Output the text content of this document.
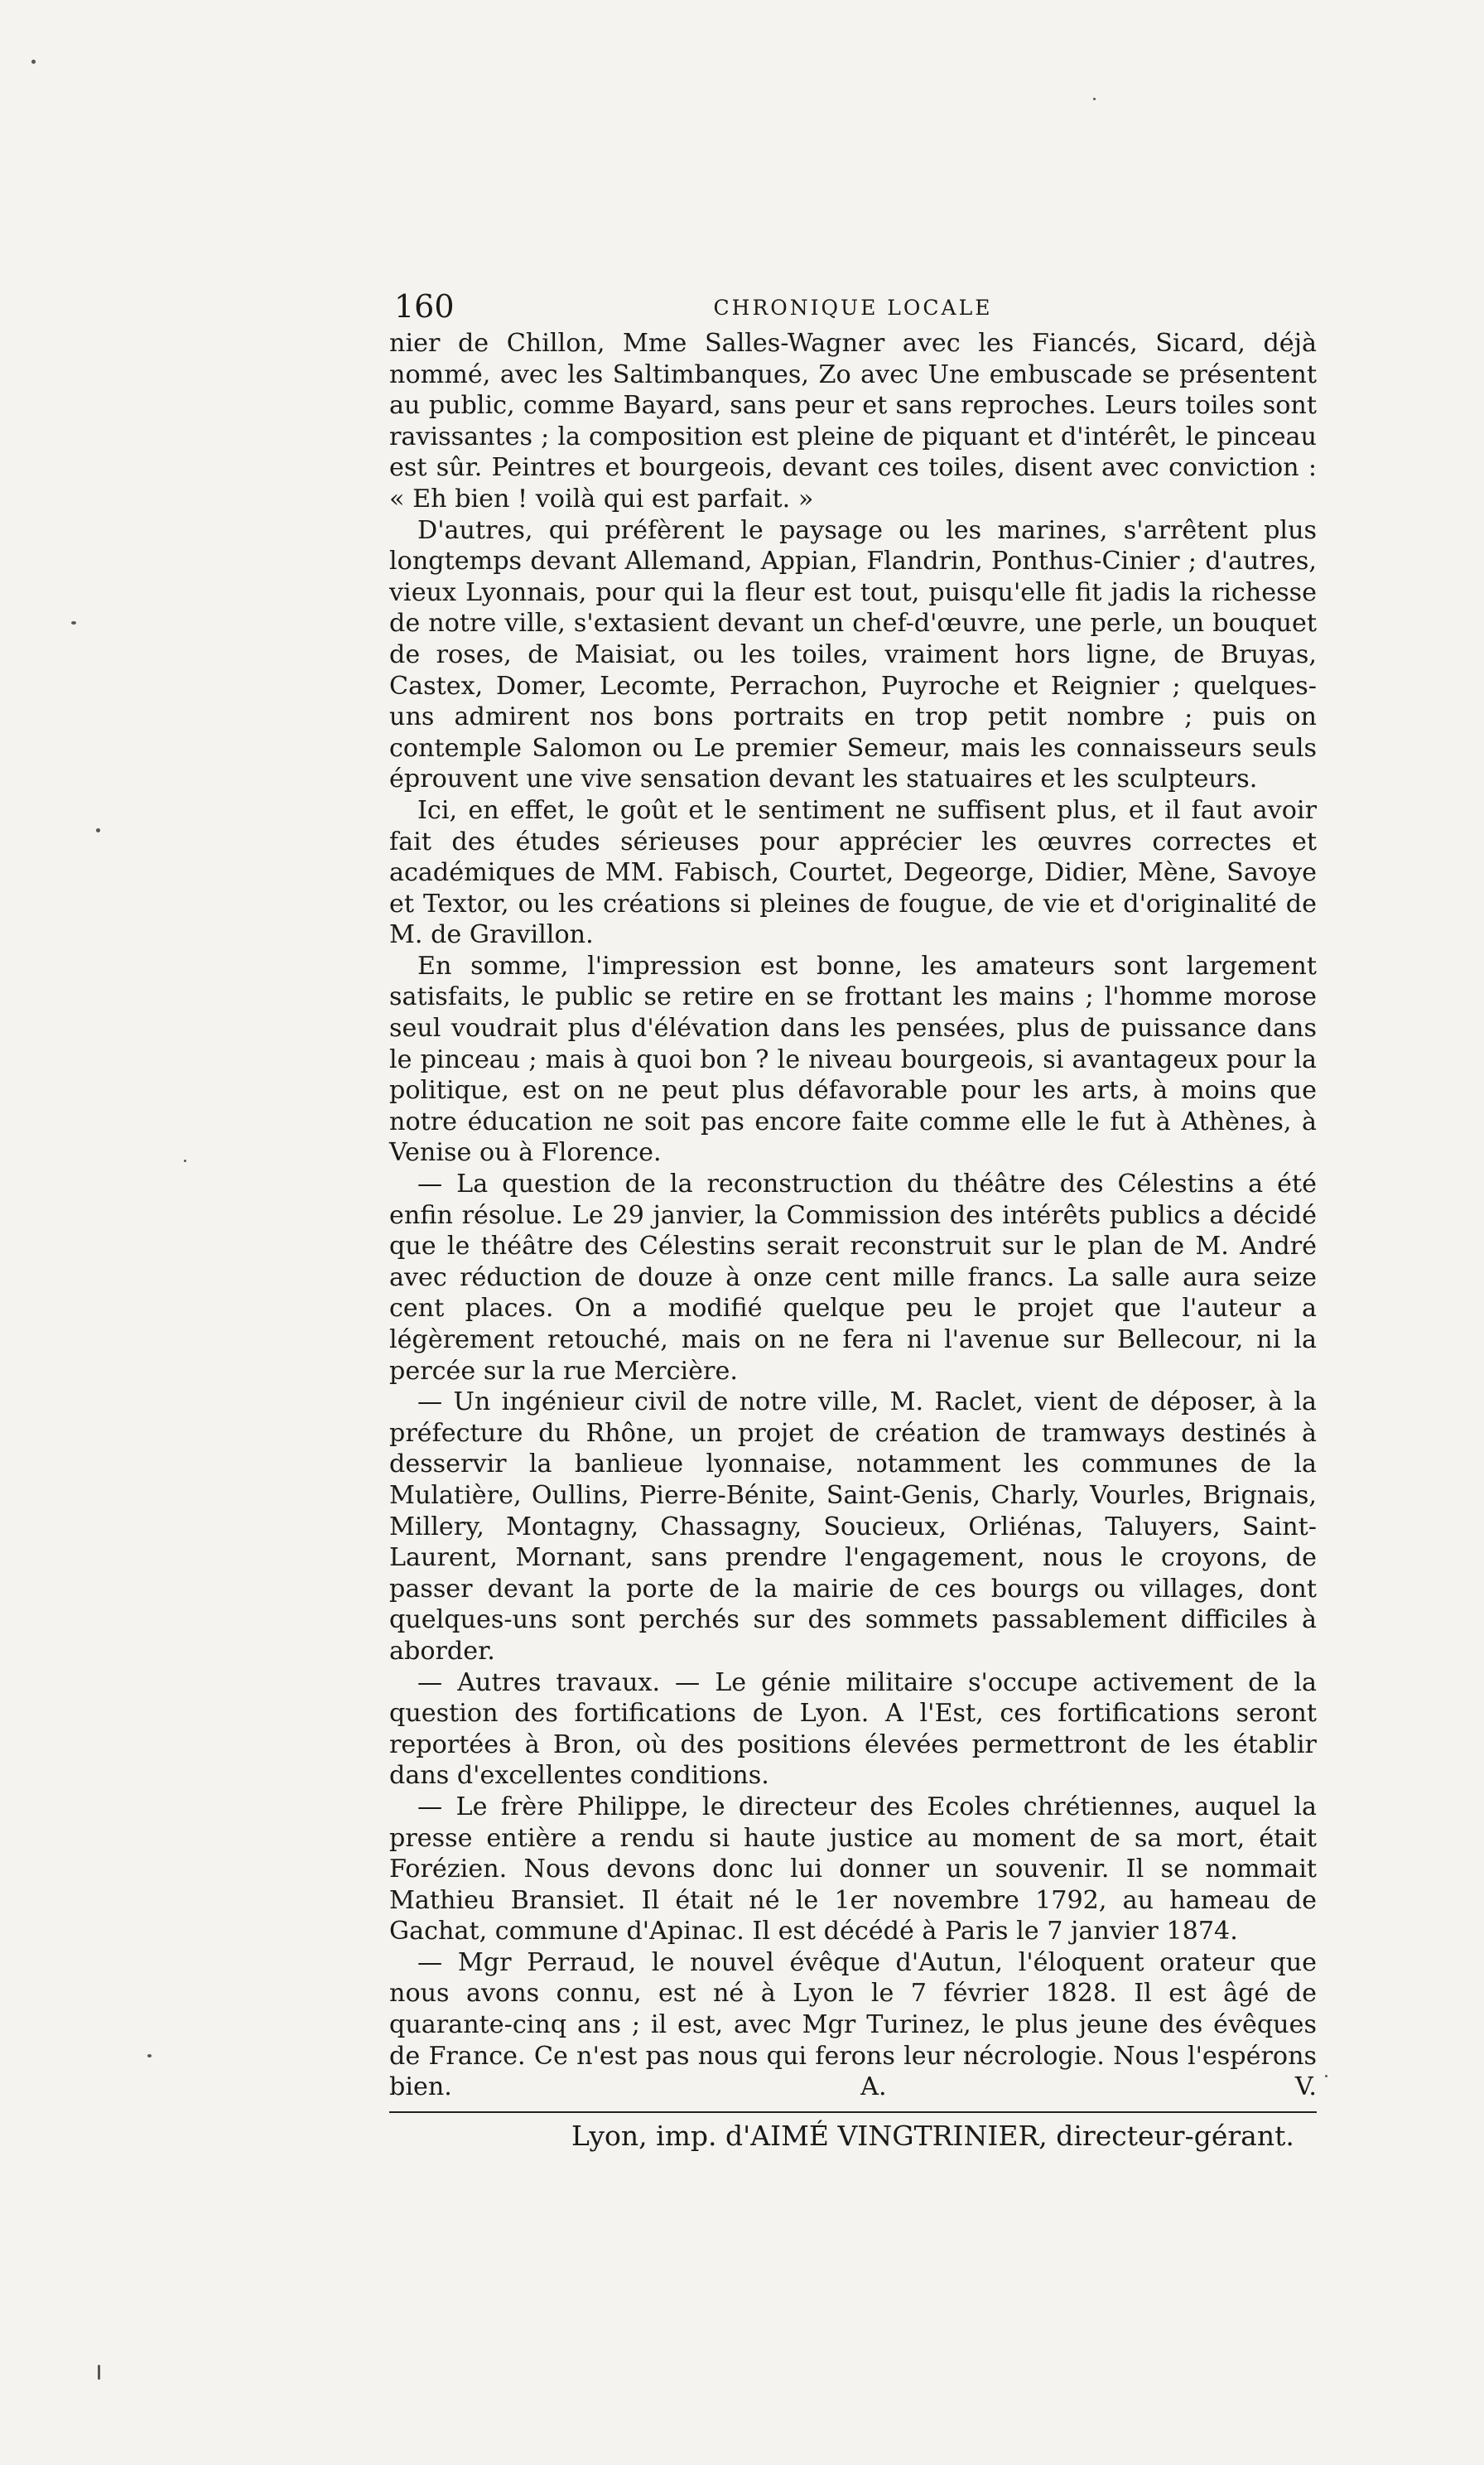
160	CHRONIQUE LOCALE

nier de Chillon, Mme Salles-Wagner avec les Fiancés, Sicard, déjà nommé, avec les Saltimbanques, Zo avec Une embuscade se présentent au public, comme Bayard, sans peur et sans reproches. Leurs toiles sont ravissantes ; la composition est pleine de piquant et d'intérêt, le pinceau est sûr. Peintres et bourgeois, devant ces toiles, disent avec conviction : « Eh bien ! voilà qui est parfait. »

D'autres, qui préfèrent le paysage ou les marines, s'arrêtent plus longtemps devant Allemand, Appian, Flandrin, Ponthus-Cinier ; d'autres, vieux Lyonnais, pour qui la fleur est tout, puisqu'elle fit jadis la richesse de notre ville, s'extasient devant un chef-d'œuvre, une perle, un bouquet de roses, de Maisiat, ou les toiles, vraiment hors ligne, de Bruyas, Castex, Domer, Lecomte, Perrachon, Puyroche et Reignier ; quelques-uns admirent nos bons portraits en trop petit nombre ; puis on contemple Salomon ou Le premier Semeur, mais les connaisseurs seuls éprouvent une vive sensation devant les statuaires et les sculpteurs.

Ici, en effet, le goût et le sentiment ne suffisent plus, et il faut avoir fait des études sérieuses pour apprécier les œuvres correctes et académiques de MM. Fabisch, Courtet, Degeorge, Didier, Mène, Savoye et Textor, ou les créations si pleines de fougue, de vie et d'originalité de M. de Gravillon.

En somme, l'impression est bonne, les amateurs sont largement satisfaits, le public se retire en se frottant les mains ; l'homme morose seul voudrait plus d'élévation dans les pensées, plus de puissance dans le pinceau ; mais à quoi bon ? le niveau bourgeois, si avantageux pour la politique, est on ne peut plus défavorable pour les arts, à moins que notre éducation ne soit pas encore faite comme elle le fut à Athènes, à Venise ou à Florence.

— La question de la reconstruction du théâtre des Célestins a été enfin résolue. Le 29 janvier, la Commission des intérêts publics a décidé que le théâtre des Célestins serait reconstruit sur le plan de M. André avec réduction de douze à onze cent mille francs. La salle aura seize cent places. On a modifié quelque peu le projet que l'auteur a légèrement retouché, mais on ne fera ni l'avenue sur Bellecour, ni la percée sur la rue Mercière.

— Un ingénieur civil de notre ville, M. Raclet, vient de déposer, à la préfecture du Rhône, un projet de création de tramways destinés à desservir la banlieue lyonnaise, notamment les communes de la Mulatière, Oullins, Pierre-Bénite, Saint-Genis, Charly, Vourles, Brignais, Millery, Montagny, Chassagny, Soucieux, Orliénas, Taluyers, Saint-Laurent, Mornant, sans prendre l'engagement, nous le croyons, de passer devant la porte de la mairie de ces bourgs ou villages, dont quelques-uns sont perchés sur des sommets passablement difficiles à aborder.

— Autres travaux. — Le génie militaire s'occupe activement de la question des fortifications de Lyon. A l'Est, ces fortifications seront reportées à Bron, où des positions élevées permettront de les établir dans d'excellentes conditions.

— Le frère Philippe, le directeur des Ecoles chrétiennes, auquel la presse entière a rendu si haute justice au moment de sa mort, était Forézien. Nous devons donc lui donner un souvenir. Il se nommait Mathieu Bransiet. Il était né le 1er novembre 1792, au hameau de Gachat, commune d'Apinac. Il est décédé à Paris le 7 janvier 1874.

— Mgr Perraud, le nouvel évêque d'Autun, l'éloquent orateur que nous avons connu, est né à Lyon le 7 février 1828. Il est âgé de quarante-cinq ans ; il est, avec Mgr Turinez, le plus jeune des évêques de France. Ce n'est pas nous qui ferons leur nécrologie. Nous l'espérons bien. A. V.

Lyon, imp. d'AIMÉ VINGTRINIER, directeur-gérant.
